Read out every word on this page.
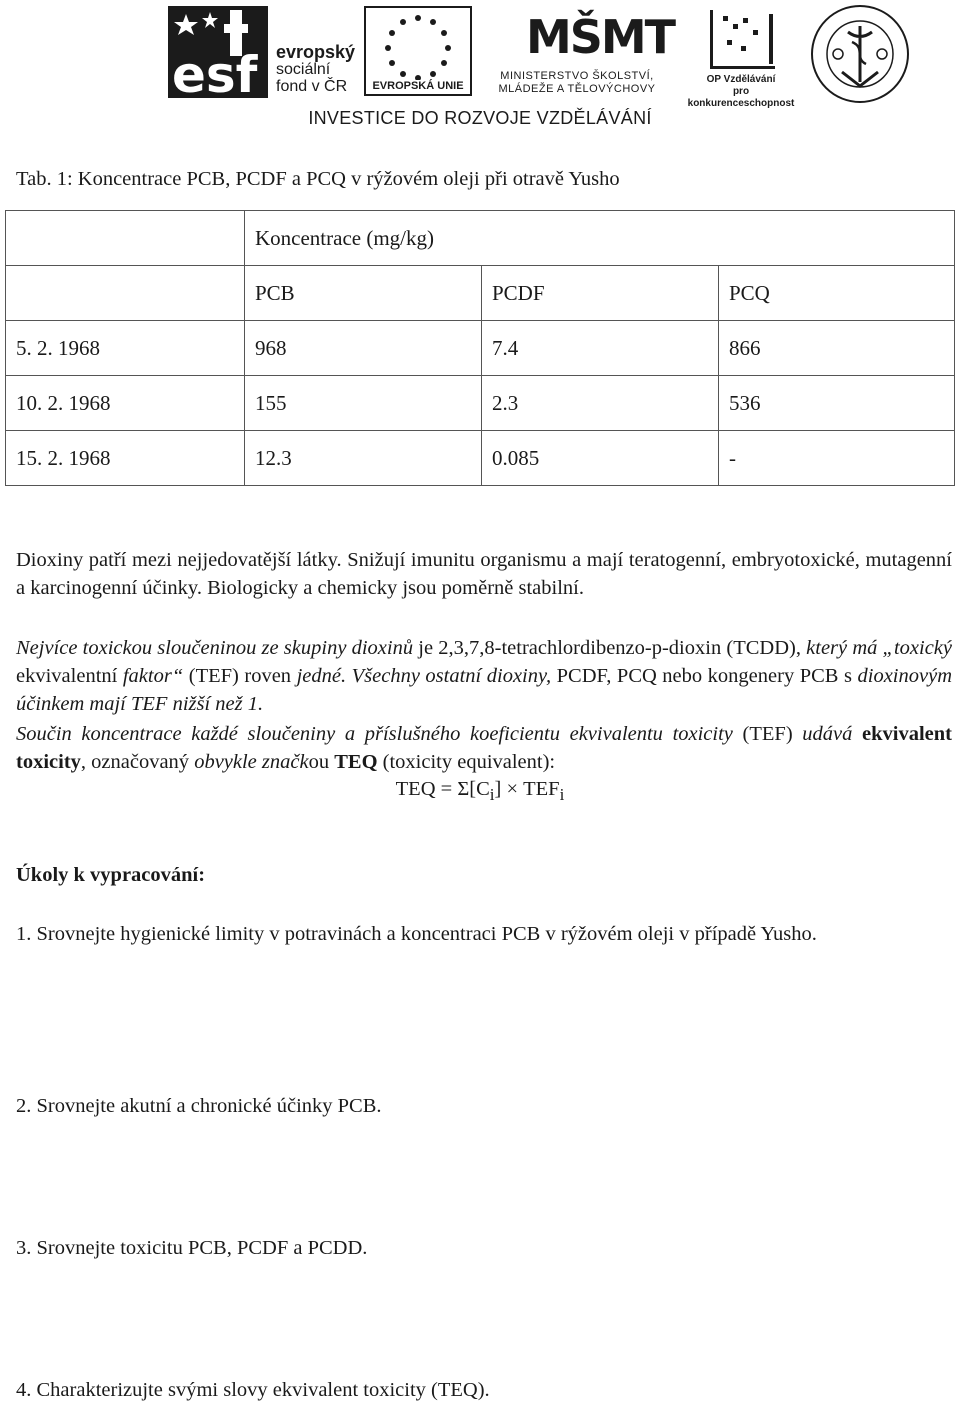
esf evropský
sociální
fond v ČR	EVROPSKÁ UNIE
MŠMT
MINISTERSTVO ŠKOLSTVÍ,
MLÁDEŽE A TĚLOVÝCHOVY
OP Vzdělávání
pro konkurenceschopnost
INVESTICE DO ROZVOJE VZDĚLÁVÁNÍ
Tab. 1: Koncentrace PCB, PCDF a PCQ v rýžovém oleji při otravě Yusho
	Koncentrace (mg/kg)		
	PCB	PCDF	PCQ
5. 2. 1968	968	7.4	866
10. 2. 1968	155	2.3	536
15. 2. 1968	12.3	0.085	-
Dioxiny patří mezi nejjedovatější látky. Snižují imunitu organismu a mají teratogenní, embryotoxické, mutagenní a karcinogenní účinky. Biologicky a chemicky jsou poměrně stabilní.
Nejvíce toxickou sloučeninou ze skupiny dioxinů je 2,3,7,8-tetrachlordibenzo-p-dioxin (TCDD), který má „toxický ekvivalentní faktor“ (TEF) roven jedné. Všechny ostatní dioxiny, PCDF, PCQ nebo kongenery PCB s dioxinovým účinkem mají TEF nižší než 1.
Součin koncentrace každé sloučeniny a příslušného koeficientu ekvivalentu toxicity (TEF) udává ekvivalent toxicity, označovaný obvykle značkou TEQ (toxicity equivalent):
TEQ = $\Sigma[C_i] \times TEF_i$
Úkoly k vypracování:
1. Srovnejte hygienické limity v potravinách a koncentraci PCB v rýžovém oleji v případě Yusho.
2. Srovnejte akutní a chronické účinky PCB.
3. Srovnejte toxicitu PCB, PCDF a PCDD.
4. Charakterizujte svými slovy ekvivalent toxicity (TEQ).
